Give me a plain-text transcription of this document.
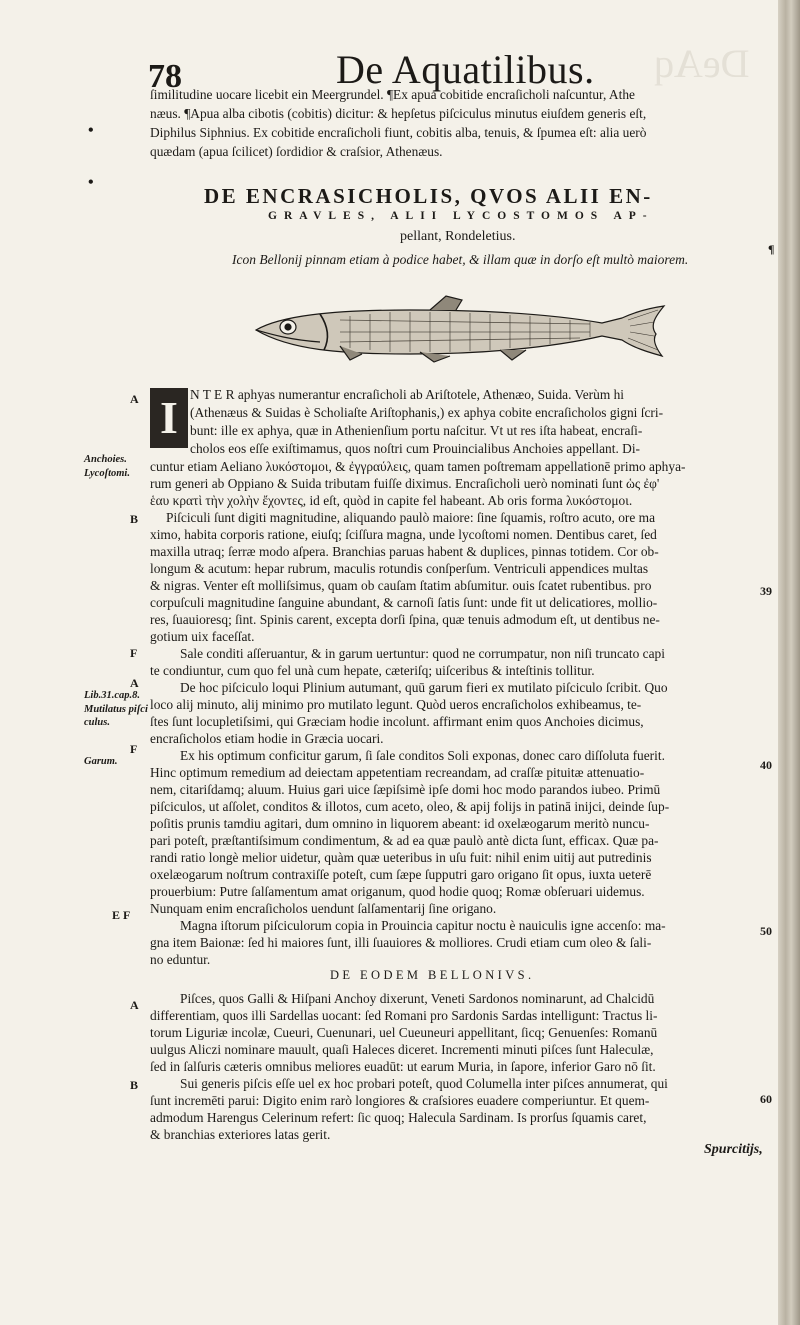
DeAq
78	De Aquatilibus.
•
•
¶
ſimilitudine uocare licebit ein Meergrundel. ¶Ex apua cobitide encraſicholi naſcuntur, Athe
næus. ¶Apua alba cibotis (cobitis) dicitur: & hepſetus piſciculus minutus eiuſdem generis eſt,
Diphilus Siphnius. Ex cobitide encraſicholi fiunt, cobitis alba, tenuis, & ſpumea eſt: alia uerò
quædam (apua ſcilicet) ſordidior & craſsior, Athenæus.
DE ENCRASICHOLIS, QVOS ALII EN-
GRAVLES, ALII LYCOSTOMOS AP-
pellant, Rondeletius.
Icon Bellonij pinnam etiam à podice habet, & illam quæ in dorſo eſt multò maiorem.
I
A
Anchoies.
Lycoſtomi.
B
F
A
Lib.31.cap.8.
Mutilatus piſci
culus.
F
Garum.
E F
A
B
39
40
50
60
N T E R aphyas numerantur encraſicholi ab Ariſtotele, Athenæo, Suida. Verùm hi
(Athenæus & Suidas è Scholiaſte Ariſtophanis,) ex aphya cobite encraſicholos gigni ſcri-
bunt: ille ex aphya, quæ in Athenienſium portu naſcitur. Vt ut res iſta habeat, encraſi-
cholos eos eſſe exiſtimamus, quos noſtri cum Prouincialibus Anchoies appellant. Di-
cuntur etiam Aeliano λυκόστομοι, & ἐγγραύλεις, quam tamen poſtremam appellationē primo aphya-
rum generi ab Oppiano & Suida tributam fuiſſe diximus. Encraſicholi uerò nominati ſunt ὡς ἐφ'
ἑαυ κρατὶ τὴν χολὴν ἔχοντες, id eſt, quòd in capite fel habeant. Ab oris forma λυκόστομοι.
Piſciculi ſunt digiti magnitudine, aliquando paulò maiore: ſine ſquamis, roſtro acuto, ore ma
ximo, habita corporis ratione, eiuſq; ſciſſura magna, unde lycoſtomi nomen. Dentibus caret, ſed
maxilla utraq; ſerræ modo aſpera. Branchias paruas habent & duplices, pinnas totidem. Cor ob-
longum & acutum: hepar rubrum, maculis rotundis conſperſum. Ventriculi appendices multas
& nigras. Venter eſt molliſsimus, quam ob cauſam ſtatim abſumitur. ouis ſcatet rubentibus. pro
corpuſculi magnitudine ſanguine abundant, & carnoſi ſatis ſunt: unde fit ut delicatiores, mollio-
res, ſuauioresq; ſint. Spinis carent, excepta dorſi ſpina, quæ tenuis admodum eſt, ut dentibus ne-
gotium uix faceſſat.
Sale conditi aſſeruantur, & in garum uertuntur: quod ne corrumpatur, non niſi truncato capi
te condiuntur, cum quo fel unà cum hepate, cæteriſq; uiſceribus & inteſtinis tollitur.
De hoc piſciculo loqui Plinium autumant, quū garum fieri ex mutilato piſciculo ſcribit. Quo
loco alij minuto, alij minimo pro mutilato legunt. Quòd ueros encraſicholos exhibeamus, te-
ſtes ſunt locupletiſsimi, qui Græciam hodie incolunt. affirmant enim quos Anchoies dicimus,
encraſicholos etiam hodie in Græcia uocari.
Ex his optimum conficitur garum, ſi ſale conditos Soli exponas, donec caro diſſoluta fuerit.
Hinc optimum remedium ad deiectam appetentiam recreandam, ad craſſæ pituitæ attenuatio-
nem, citariſdamq; aluum. Huius gari uice ſæpiſsimè ipſe domi hoc modo parandos iubeo. Primū
piſciculos, ut aſſolet, conditos & illotos, cum aceto, oleo, & apij folijs in patinā inijci, deinde ſup-
poſitis prunis tamdiu agitari, dum omnino in liquorem abeant: id oxelæogarum meritò nuncu-
pari poteſt, præſtantiſsimum condimentum, & ad ea quæ paulò antè dicta ſunt, efficax. Quæ pa-
randi ratio longè melior uidetur, quàm quæ ueteribus in uſu fuit: nihil enim uitij aut putredinis
oxelæogarum noſtrum contraxiſſe poteſt, cum ſæpe ſupputri garo origano ſit opus, iuxta ueterē
prouerbium: Putre ſalſamentum amat origanum, quod hodie quoq; Romæ obſeruari uidemus.
Nunquam enim encraſicholos uendunt ſalſamentarij ſine origano.
Magna iſtorum piſciculorum copia in Prouincia capitur noctu è nauiculis igne accenſo: ma-
gna item Baionæ: ſed hi maiores ſunt, illi ſuauiores & molliores. Crudi etiam cum oleo & ſali-
no eduntur.
DE EODEM BELLONIVS.
Piſces, quos Galli & Hiſpani Anchoy dixerunt, Veneti Sardonos nominarunt, ad Chalcidū
differentiam, quos illi Sardellas uocant: ſed Romani pro Sardonis Sardas intelligunt: Tractus li-
torum Liguriæ incolæ, Cueuri, Cuenunari, uel Cueuneuri appellitant, ſicq; Genuenſes: Romanū
uulgus Aliczi nominare mauult, quaſi Haleces diceret. Incrementi minuti piſces ſunt Haleculæ,
ſed in ſalſuris cæteris omnibus meliores euadūt: ut earum Muria, in ſapore, inferior Garo nō ſit.
Sui generis piſcis eſſe uel ex hoc probari poteſt, quod Columella inter piſces annumerat, qui
ſunt incremēti parui: Digito enim rarò longiores & craſsiores euadere comperiuntur. Et quem-
admodum Harengus Celerinum refert: ſic quoq; Halecula Sardinam. Is prorſus ſquamis caret,
& branchias exteriores latas gerit.
Spurcitijs,
